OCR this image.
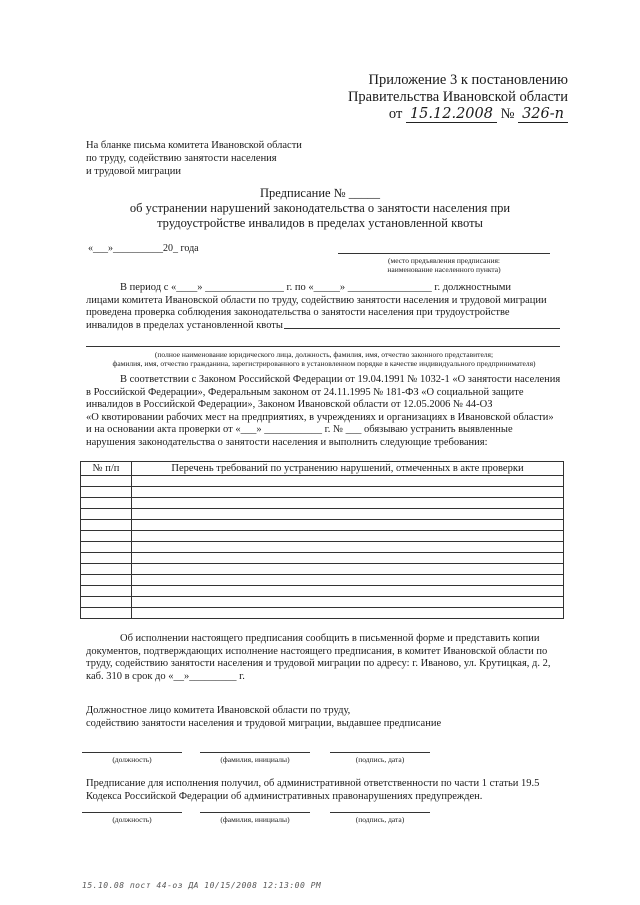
Приложение 3 к постановлению
Правительства Ивановской области
от 15.12.2008 № 326-п
На бланке письма комитета Ивановской области
по труду, содействию занятости населения
и трудовой миграции
Предписание № _____
об устранении нарушений законодательства о занятости населения при
трудоустройстве инвалидов в пределах установленной квоты
«___»__________20_ года
(место предъявления предписания:
наименование населенного пункта)
В период с «____» _______________ г. по «_____» ________________ г. должностными
лицами комитета Ивановской области по труду, содействию занятости населения и трудовой миграции
проведена проверка соблюдения законодательства о занятости населения при трудоустройстве
инвалидов в пределах установленной квоты
(полное наименование юридического лица, должность, фамилия, имя, отчество законного представителя;
фамилия, имя, отчество гражданина, зарегистрированного в установленном порядке в качестве индивидуального предпринимателя)
В соответствии с Законом Российской Федерации от 19.04.1991 № 1032-1 «О занятости населения
в Российской Федерации», Федеральным законом от 24.11.1995 № 181-ФЗ «О социальной защите
инвалидов в Российской Федерации», Законом Ивановской области от 12.05.2006 № 44-ОЗ
«О квотировании рабочих мест на предприятиях, в учреждениях и организациях в Ивановской области»
и на основании акта проверки от «___» ___________ г. № ___ обязываю устранить выявленные
нарушения законодательства о занятости населения и выполнить следующие требования:
№ п/п	Перечень требований по устранению нарушений, отмеченных в акте проверки

Об исполнении настоящего предписания сообщить в письменной форме и представить копии
документов, подтверждающих исполнение настоящего предписания, в комитет Ивановской области по
труду, содействию занятости населения и трудовой миграции по адресу: г. Иваново, ул. Крутицкая, д. 2,
каб. 310 в срок до «__»_________ г.
Должностное лицо комитета Ивановской области по труду,
содействию занятости населения и трудовой миграции, выдавшее предписание
(должность)	(фамилия, инициалы)	(подпись, дата)
Предписание для исполнения получил, об административной ответственности по части 1 статьи 19.5
Кодекса Российской Федерации об административных правонарушениях предупрежден.
(должность)	(фамилия, инициалы)	(подпись, дата)
15.10.08 пост 44-оз ДА 10/15/2008 12:13:00 PM
